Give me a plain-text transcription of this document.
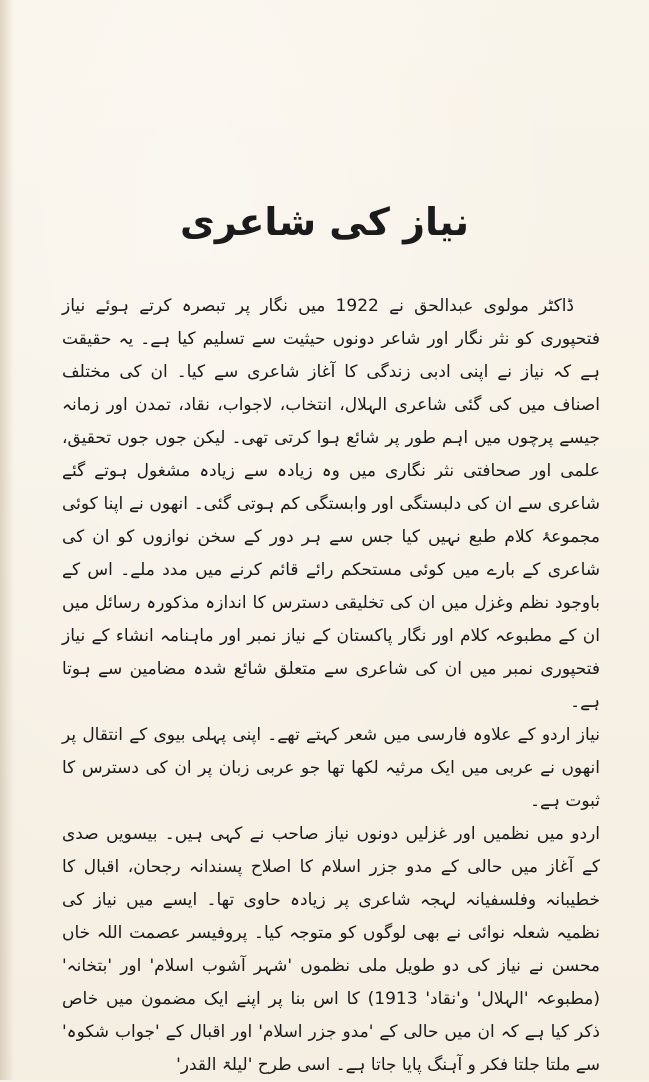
نیاز کی شاعری

ڈاکٹر مولوی عبدالحق نے 1922 میں نگار پر تبصرہ کرتے ہوئے نیاز فتحپوری کو نثر نگار اور شاعر دونوں حیثیت سے تسلیم کیا ہے۔ یہ حقیقت ہے کہ نیاز نے اپنی ادبی زندگی کا آغاز شاعری سے کیا۔ ان کی مختلف اصناف میں کی گئی شاعری الہلال، انتخاب، لاجواب، نقاد، تمدن اور زمانہ جیسے پرچوں میں اہم طور پر شائع ہوا کرتی تھی۔ لیکن جوں جوں تحقیق، علمی اور صحافتی نثر نگاری میں وہ زیادہ سے زیادہ مشغول ہوتے گئے شاعری سے ان کی دلبستگی اور وابستگی کم ہوتی گئی۔ انھوں نے اپنا کوئی مجموعۂ کلام طبع نہیں کیا جس سے ہر دور کے سخن نوازوں کو ان کی شاعری کے بارے میں کوئی مستحکم رائے قائم کرنے میں مدد ملے۔ اس کے باوجود نظم وغزل میں ان کی تخلیقی دسترس کا اندازہ مذکورہ رسائل میں ان کے مطبوعہ کلام اور نگار پاکستان کے نیاز نمبر اور ماہنامہ انشاء کے نیاز فتحپوری نمبر میں ان کی شاعری سے متعلق شائع شدہ مضامین سے ہوتا ہے۔

نیاز اردو کے علاوہ فارسی میں شعر کہتے تھے۔ اپنی پہلی بیوی کے انتقال پر انھوں نے عربی میں ایک مرثیہ لکھا تھا جو عربی زبان پر ان کی دسترس کا ثبوت ہے۔

اردو میں نظمیں اور غزلیں دونوں نیاز صاحب نے کہی ہیں۔ بیسویں صدی کے آغاز میں حالی کے مدو جزر اسلام کا اصلاح پسندانہ رجحان، اقبال کا خطیبانہ وفلسفیانہ لہجہ شاعری پر زیادہ حاوی تھا۔ ایسے میں نیاز کی نظمیہ شعلہ نوائی نے بھی لوگوں کو متوجہ کیا۔ پروفیسر عصمت اللہ خاں محسن نے نیاز کی دو طویل ملی نظموں 'شہر آشوب اسلام' اور 'بتخانہ' (مطبوعہ 'الہلال' و'نقاد' 1913) کا اس بنا پر اپنے ایک مضمون میں خاص ذکر کیا ہے کہ ان میں حالی کے 'مدو جزر اسلام' اور اقبال کے 'جواب شکوہ' سے ملتا جلتا فکر و آہنگ پایا جاتا ہے۔ اسی طرح 'لیلۃ القدر'
